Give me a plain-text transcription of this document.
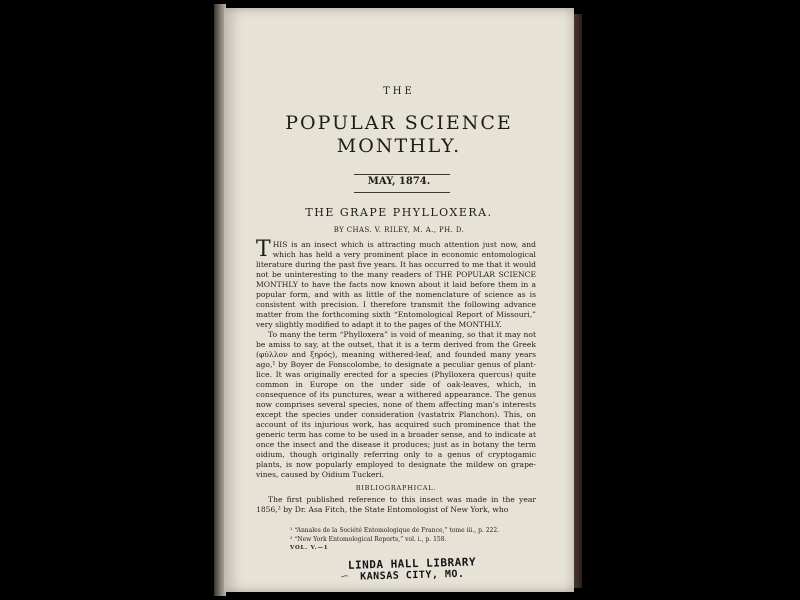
THE
POPULAR SCIENCE
MONTHLY.
MAY, 1874.
THE GRAPE PHYLLOXERA.
BY CHAS. V. RILEY, M. A., PH. D.

THIS is an insect which is attracting much attention just now, and which has held a very prominent place in economic entomological literature during the past five years. It has occurred to me that it would not be uninteresting to the many readers of THE POPULAR SCIENCE MONTHLY to have the facts now known about it laid before them in a popular form, and with as little of the nomenclature of science as is consistent with precision. I therefore transmit the following advance matter from the forthcoming sixth “Entomological Report of Missouri,” very slightly modified to adapt it to the pages of the MONTHLY.

To many the term “Phylloxera” is void of meaning, so that it may not be amiss to say, at the outset, that it is a term derived from the Greek (φύλλον and ξηρός), meaning withered-leaf, and founded many years ago,¹ by Boyer de Fonscolombe, to designate a peculiar genus of plant-lice. It was originally erected for a species (Phylloxera quercus) quite common in Europe on the under side of oak-leaves, which, in consequence of its punctures, wear a withered appearance. The genus now comprises several species, none of them affecting man’s interests except the species under consideration (vastatrix Planchon). This, on account of its injurious work, has acquired such prominence that the generic term has come to be used in a broader sense, and to indicate at once the insect and the disease it produces; just as in botany the term oidium, though originally referring only to a genus of cryptogamic plants, is now popularly employed to designate the mildew on grape-vines, caused by Oidium Tuckeri.

BIBLIOGRAPHICAL.

The first published reference to this insect was made in the year 1856,² by Dr. Asa Fitch, the State Entomologist of New York, who

¹ “Annales de la Société Entomologique de France,” tome iii., p. 222.
² “New York Entomological Reports,” vol. i., p. 158.
VOL. V.—1
LINDA HALL LIBRARY
KANSAS CITY, MO.
⁀
